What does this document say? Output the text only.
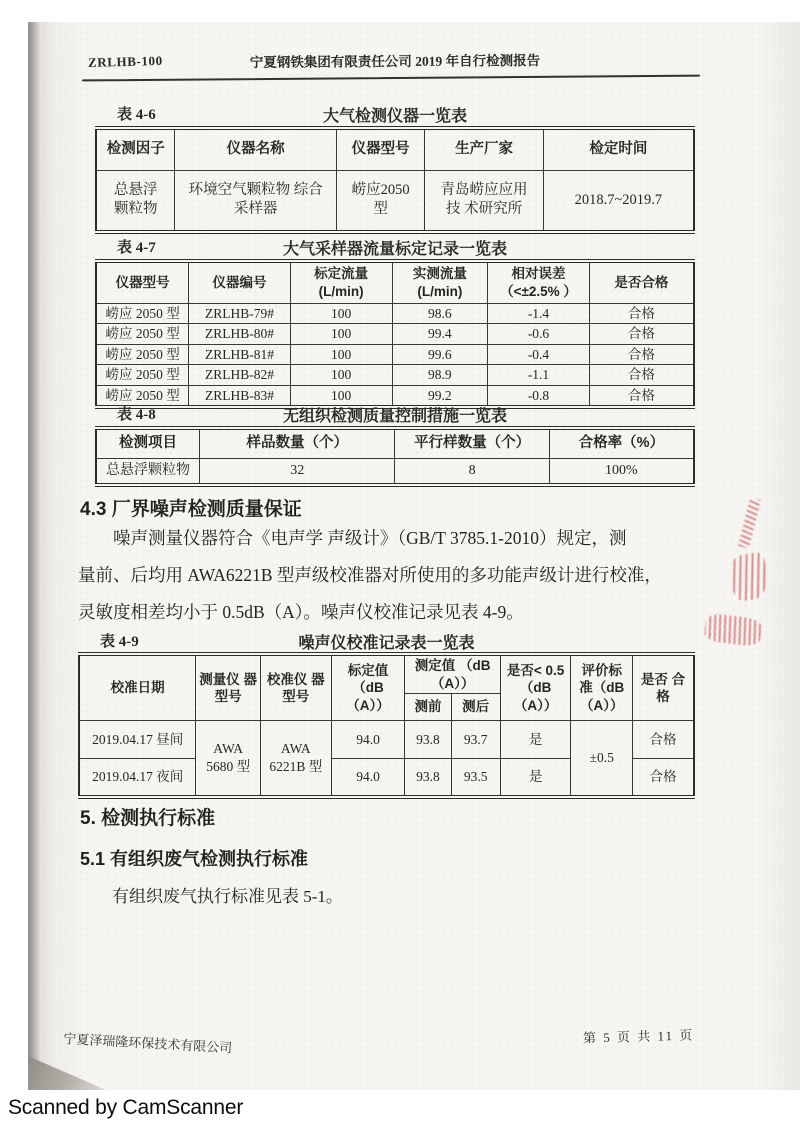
ZRLHB-100	宁夏钢铁集团有限责任公司 2019 年自行检测报告
表 4-6	大气检测仪器一览表
检测因子	仪器名称	仪器型号	生产厂家	检定时间
总悬浮 颗粒物	环境空气颗粒物 综合采样器	崂应2050型	青岛崂应应用技 术研究所	2018.7~2019.7
表 4-7	大气采样器流量标定记录一览表
仪器型号	仪器编号	标定流量 (L/min)	实测流量 (L/min)	相对误差 （<±2.5% ）	是否合格
崂应 2050 型	ZRLHB-79#	100	98.6	-1.4	合格
崂应 2050 型	ZRLHB-80#	100	99.4	-0.6	合格
崂应 2050 型	ZRLHB-81#	100	99.6	-0.4	合格
崂应 2050 型	ZRLHB-82#	100	98.9	-1.1	合格
崂应 2050 型	ZRLHB-83#	100	99.2	-0.8	合格
表 4-8	无组织检测质量控制措施一览表
检测项目	样品数量（个）	平行样数量（个）	合格率（%）
总悬浮颗粒物	32	8	100%
4.3 厂界噪声检测质量保证
噪声测量仪器符合《电声学 声级计》（GB/T 3785.1-2010）规定，测
量前、后均用 AWA6221B 型声级校准器对所使用的多功能声级计进行校准，
灵敏度相差均小于 0.5dB（A）。噪声仪校准记录见表 4-9。
表 4-9	噪声仪校准记录表一览表
校准日期	测量仪 器型号	校准仪 器型号	标定值 （dB （A））	测定值 （dB（A））		是否< 0.5（dB （A））	评价标 准（dB （A））	是否 合格
				测前	测后			
2019.04.17 昼间	AWA 5680 型	AWA 6221B 型	94.0	93.8	93.7	是	±0.5	合格
2019.04.17 夜间			94.0	93.8	93.5	是		合格
5. 检测执行标准
5.1 有组织废气检测执行标准
有组织废气执行标准见表 5-1。
宁夏泽瑞隆环保技术有限公司	第 5 页 共 11 页
Scanned by CamScanner
